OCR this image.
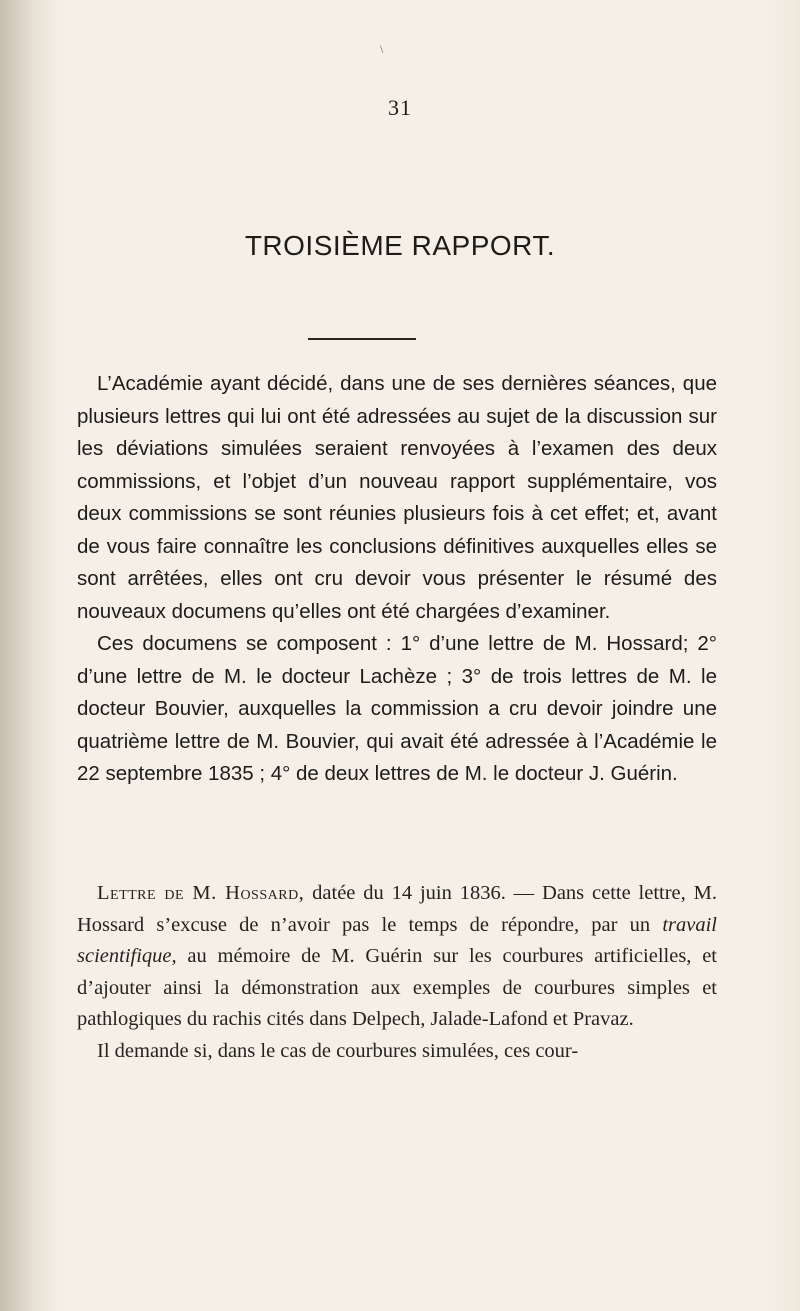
\
31
TROISIÈME RAPPORT.

L’Académie ayant décidé, dans une de ses dernières séances, que plusieurs lettres qui lui ont été adressées au sujet de la discussion sur les déviations simulées seraient renvoyées à l’examen des deux commissions, et l’objet d’un nouveau rapport supplémentaire, vos deux commissions se sont réunies plusieurs fois à cet effet; et, avant de vous faire connaître les conclusions définitives auxquelles elles se sont arrêtées, elles ont cru devoir vous présenter le résumé des nouveaux documens qu’elles ont été chargées d’examiner.

Ces documens se composent : 1° d’une lettre de M. Hossard; 2° d’une lettre de M. le docteur Lachèze ; 3° de trois lettres de M. le docteur Bouvier, auxquelles la commission a cru devoir joindre une quatrième lettre de M. Bouvier, qui avait été adressée à l’Académie le 22 septembre 1835 ; 4° de deux lettres de M. le docteur J. Guérin.

Lettre de M. Hossard, datée du 14 juin 1836. — Dans cette lettre, M. Hossard s’excuse de n’avoir pas le temps de répondre, par un travail scientifique, au mémoire de M. Guérin sur les courbures artificielles, et d’ajouter ainsi la démonstration aux exemples de courbures simples et pathlogiques du rachis cités dans Delpech, Jalade-Lafond et Pravaz.

Il demande si, dans le cas de courbures simulées, ces cour-
